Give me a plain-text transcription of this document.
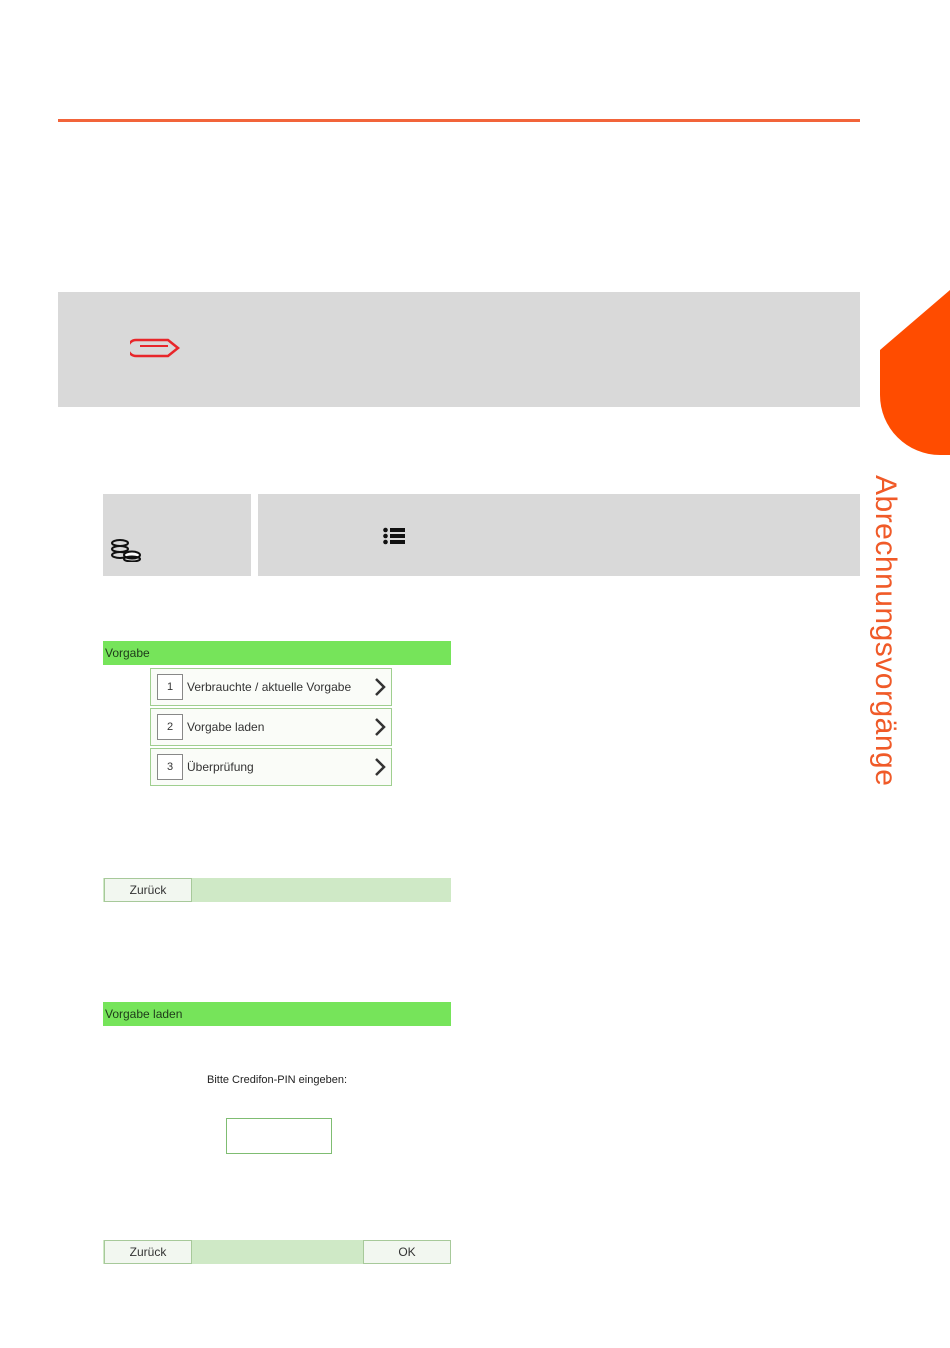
Abrechnungsvorgänge
Vorgabe
1	Verbrauchte / aktuelle Vorgabe
2	Vorgabe laden
3	Überprüfung
Zurück
Vorgabe laden
Bitte Credifon-PIN eingeben:
Zurück	OK
